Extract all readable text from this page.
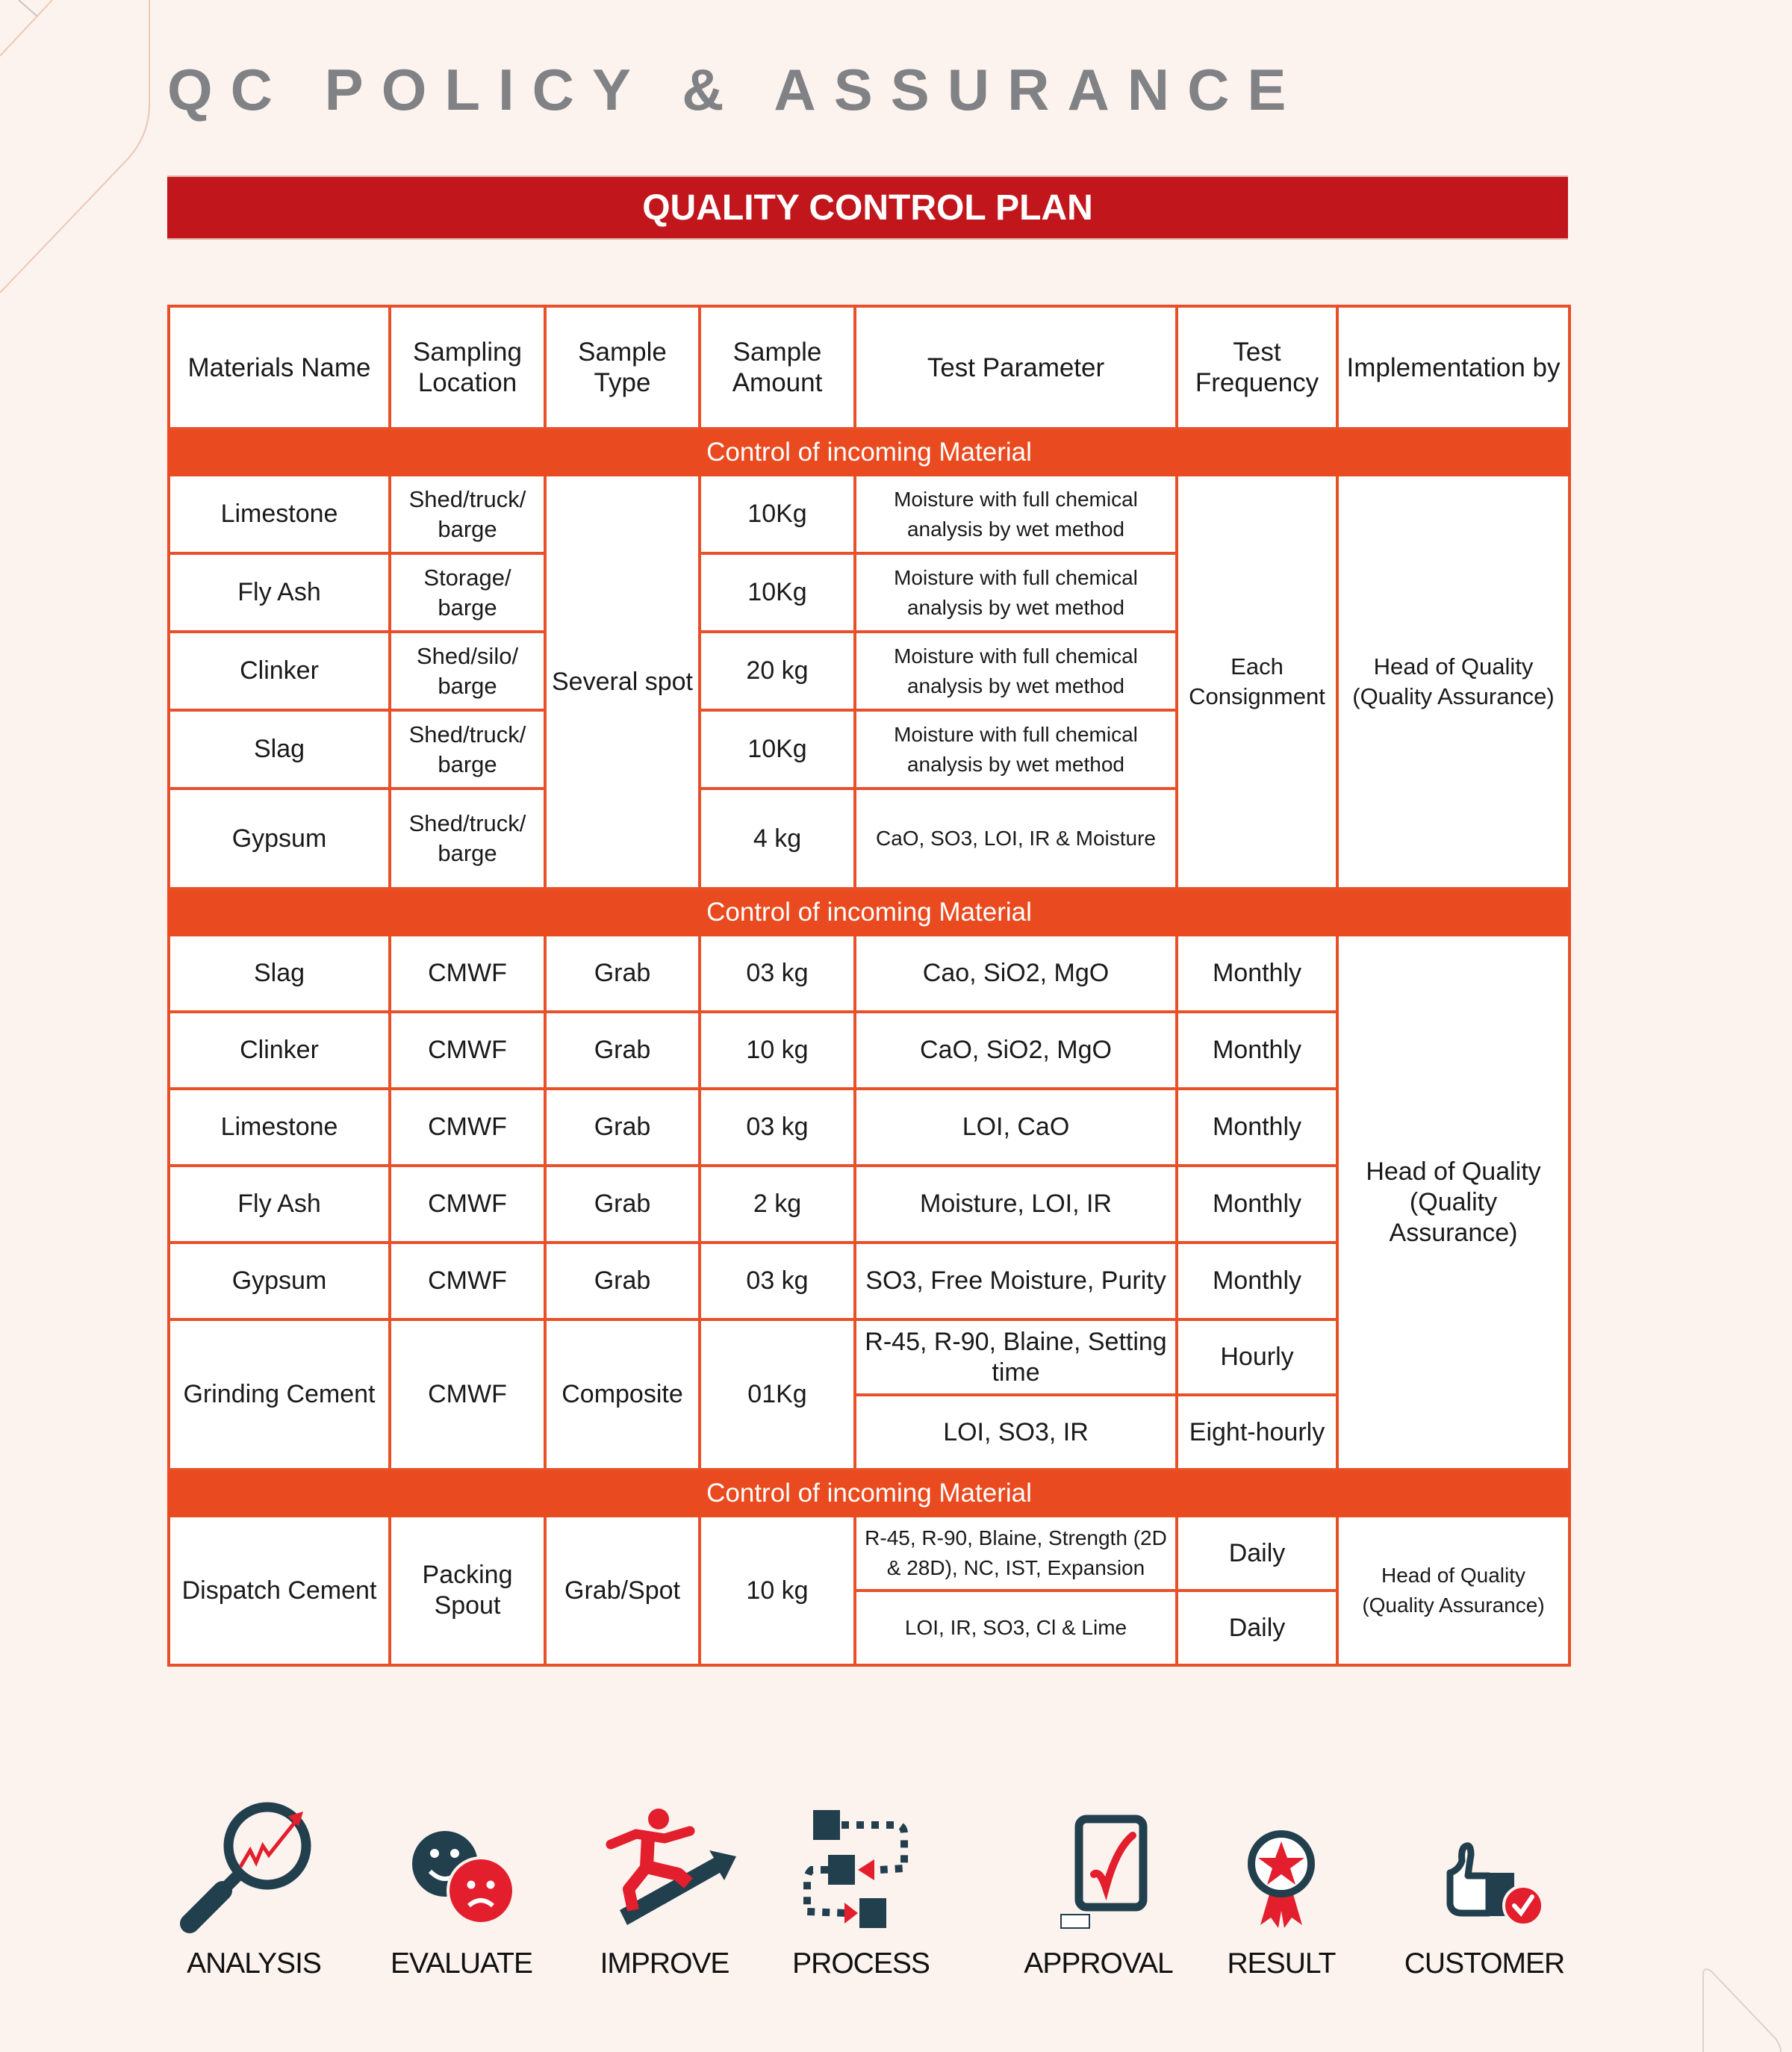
QC POLICY & ASSURANCE
QUALITY CONTROL PLAN
Materials Name	Sampling Location	Sample Type	Sample Amount	Test Parameter	Test Frequency	Implementation by
Control of incoming Material						
Limestone	Shed/truck/ barge	Several spot	10Kg	Moisture with full chemical analysis by wet method	Each Consignment	Head of Quality (Quality Assurance)
Fly Ash	Storage/ barge		10Kg	Moisture with full chemical analysis by wet method		
Clinker	Shed/silo/ barge		20 kg	Moisture with full chemical analysis by wet method		
Slag	Shed/truck/ barge		10Kg	Moisture with full chemical analysis by wet method		
Gypsum	Shed/truck/ barge		4 kg	CaO, SO3, LOI, IR & Moisture		
Control of incoming Material						
Slag	CMWF	Grab	03 kg	Cao, SiO2, MgO	Monthly	Head of Quality (Quality Assurance)
Clinker	CMWF	Grab	10 kg	CaO, SiO2, MgO	Monthly	
Limestone	CMWF	Grab	03 kg	LOI, CaO	Monthly	
Fly Ash	CMWF	Grab	2 kg	Moisture, LOI, IR	Monthly	
Gypsum	CMWF	Grab	03 kg	SO3, Free Moisture, Purity	Monthly	
Grinding Cement	CMWF	Composite	01Kg	R-45, R-90, Blaine, Setting time	Hourly	
				LOI, SO3, IR	Eight-hourly	
Control of incoming Material						
Dispatch Cement	Packing Spout	Grab/Spot	10 kg	R-45, R-90, Blaine, Strength (2D & 28D), NC, IST, Expansion	Daily	Head of Quality (Quality Assurance)
				LOI, IR, SO3, Cl & Lime	Daily	
ANALYSIS	EVALUATE	IMPROVE	PROCESS	APPROVAL	RESULT	CUSTOMER
